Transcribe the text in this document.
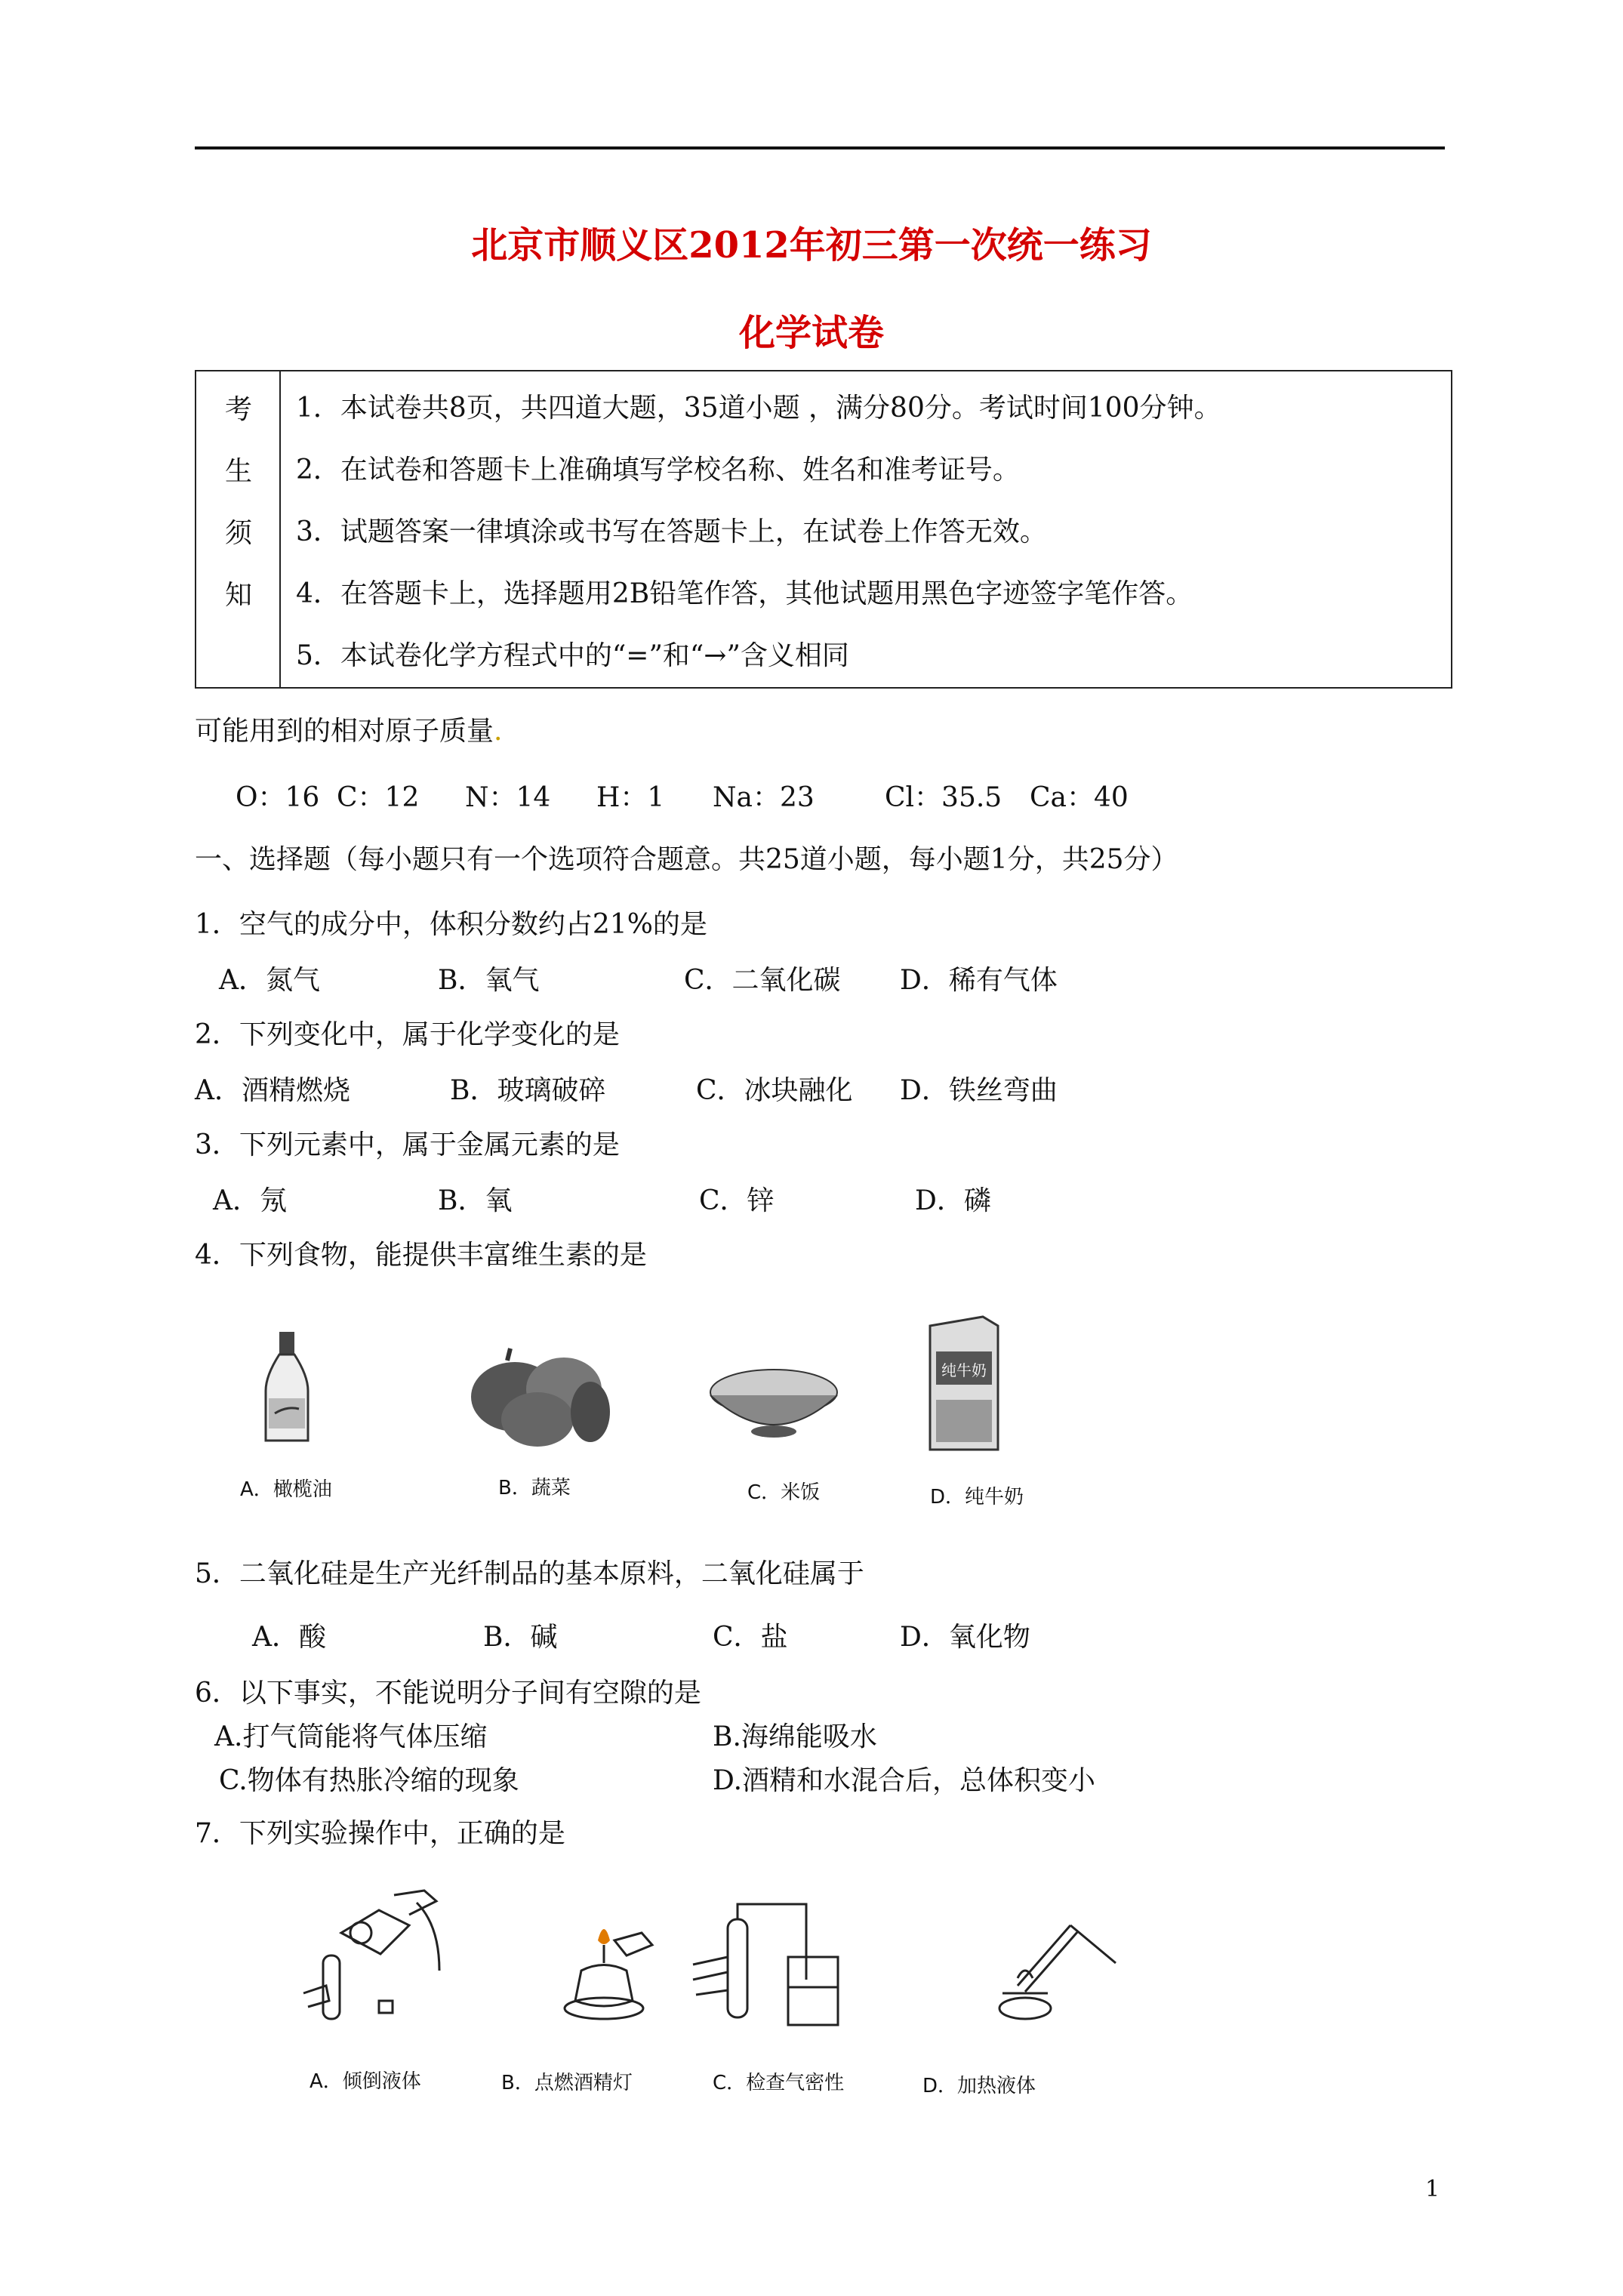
北京市顺义区2012年初三第一次统一练习
化学试卷
考
生
须
知
1．本试卷共8页，共四道大题，35道小题 ，满分80分。考试时间100分钟。
2．在试卷和答题卡上准确填写学校名称、姓名和准考证号。
3．试题答案一律填涂或书写在答题卡上，在试卷上作答无效。
4．在答题卡上，选择题用2B铅笔作答，其他试题用黑色字迹签字笔作答。
5．本试卷化学方程式中的“=”和“→”含义相同
可能用到的相对原子质量.
O：16 C：12 N：14 H：1 Na：23	Cl：35.5 Ca：40
一、选择题（每小题只有一个选项符合题意。共25道小题，每小题1分，共25分）
1．空气的成分中，体积分数约占21%的是
A．氮气	B．氧气	C．二氧化碳 D．稀有气体
2．下列变化中，属于化学变化的是
A．酒精燃烧	B．玻璃破碎	C．冰块融化 D．铁丝弯曲
3．下列元素中，属于金属元素的是
A．氖	B．氧	C．锌	D．磷
4．下列食物，能提供丰富维生素的是
纯牛奶
A．橄榄油	B．蔬菜	C．米饭	D．纯牛奶
5．二氧化硅是生产光纤制品的基本原料，二氧化硅属于
A．酸	B．碱	C．盐	D．氧化物
6．以下事实，不能说明分子间有空隙的是
A.打气筒能将气体压缩	B.海绵能吸水
C.物体有热胀冷缩的现象	D.酒精和水混合后，总体积变小
7．下列实验操作中，正确的是
A．倾倒液体	B．点燃酒精灯	C．检查气密性	D．加热液体
1
